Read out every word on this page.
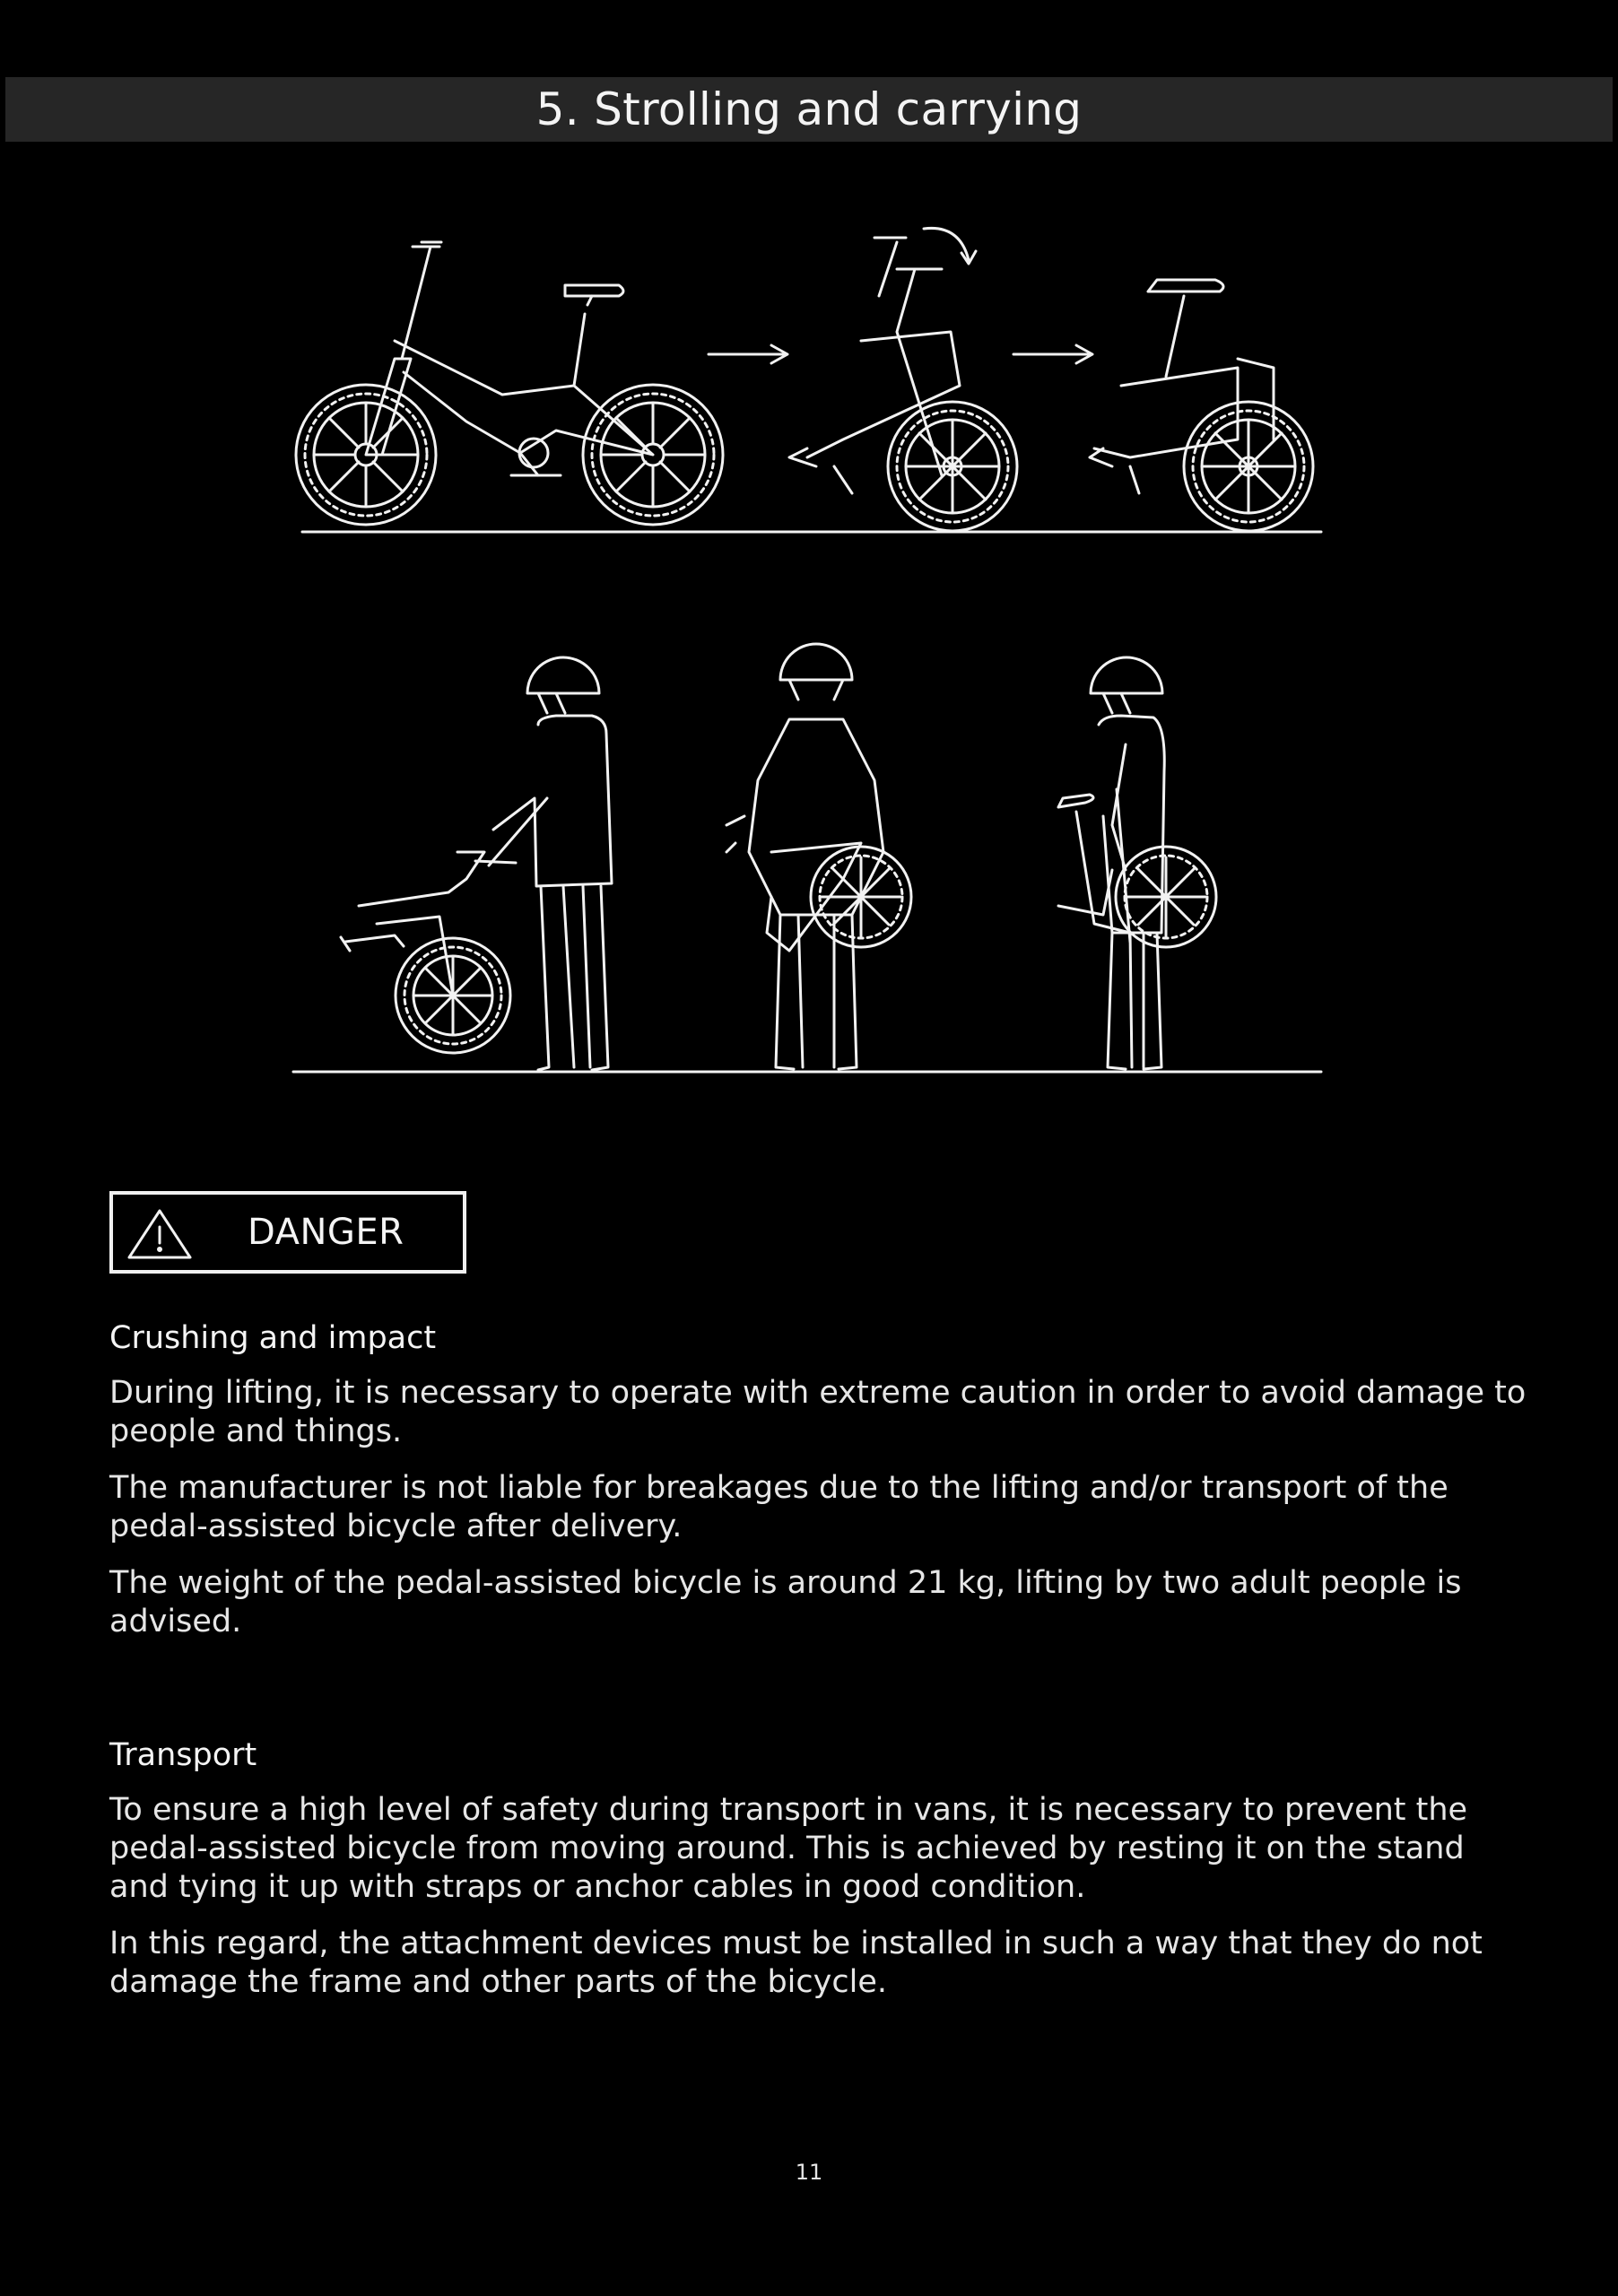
5. Strolling and carrying
DANGER
Crushing and impact

During lifting, it is necessary to operate with extreme caution in order to avoid damage to people and things.

The manufacturer is not liable for breakages due to the lifting and/or transport of the pedal-assisted bicycle after delivery.

The weight of the pedal-assisted bicycle is around 21 kg, lifting by two adult people is advised.

Transport

To ensure a high level of safety during transport in vans, it is necessary to prevent the pedal-assisted bicycle from moving around. This is achieved by resting it on the stand and tying it up with straps or anchor cables in good condition.

In this regard, the attachment devices must be installed in such a way that they do not damage the frame and other parts of the bicycle.

11
